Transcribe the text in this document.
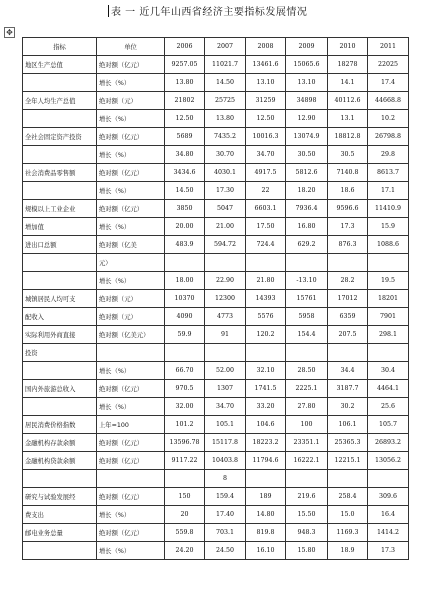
表 一 近几年山西省经济主要指标发展情况
✥
指标	单位	2006	2007	2008	2009	2010	2011
地区生产总值	绝对额（亿元）	9257.05	11021.7	13461.6	15065.6	18278	22025
	增长（%）	13.80	14.50	13.10	13.10	14.1	17.4
全年人均生产总值	绝对额（元）	21802	25725	31259	34898	40112.6	44668.8
	增长（%）	12.50	13.80	12.50	12.90	13.1	10.2
全社会固定资产投资	绝对额（亿元）	5689	7435.2	10016.3	13074.9	18812.8	26798.8
	增长（%）	34.80	30.70	34.70	30.50	30.5	29.8
社会消费品零售额	绝对额（亿元）	3434.6	4030.1	4917.5	5812.6	7140.8	8613.7
	增长（%）	14.50	17.30	22	18.20	18.6	17.1
规模以上工业企业	绝对额（亿元）	3850	5047	6603.1	7936.4	9596.6	11410.9
增加值	增长（%）	20.00	21.00	17.50	16.80	17.3	15.9
进出口总额	绝对额（亿美	483.9	594.72	724.4	629.2	876.3	1088.6
	元）						
	增长（%）	18.00	22.90	21.80	-13.10	28.2	19.5
城镇居民人均可支	绝对额（元）	10370	12300	14393	15761	17012	18201
配收入	绝对额（元）	4090	4773	5576	5958	6359	7901
实际利用外商直接	绝对额（亿美元）	59.9	91	120.2	154.4	207.5	298.1
投资							
	增长（%）	66.70	52.00	32.10	28.50	34.4	30.4
国内外旅游总收入	绝对额（亿元）	970.5	1307	1741.5	2225.1	3187.7	4464.1
	增长（%）	32.00	34.70	33.20	27.80	30.2	25.6
居民消费价格指数	上年=100	101.2	105.1	104.6	100	106.1	105.7
金融机构存款余额	绝对额（亿元）	13596.78	15117.8	18223.2	23351.1	25365.3	26893.2
金融机构贷款余额	绝对额（亿元）	9117.22	10403.8	11794.6	16222.1	12215.1	13056.2
			8				
研究与试验发展经	绝对额（亿元）	150	159.4	189	219.6	258.4	309.6
费支出	增长（%）	20	17.40	14.80	15.50	15.0	16.4
邮电业务总量	绝对额（亿元）	559.8	703.1	819.8	948.3	1169.3	1414.2
	增长（%）	24.20	24.50	16.10	15.80	18.9	17.3
